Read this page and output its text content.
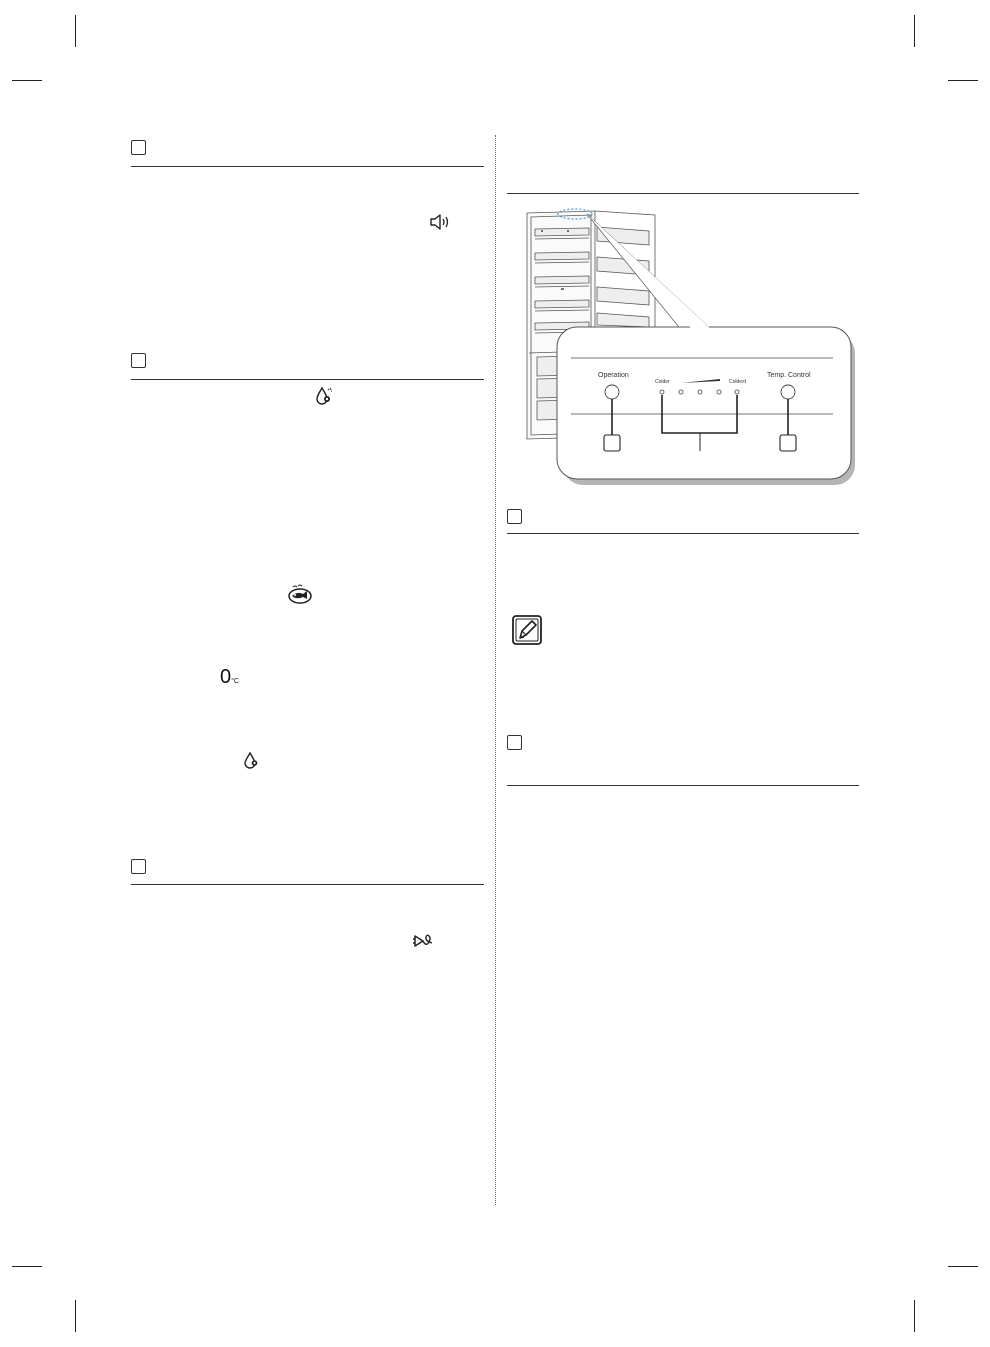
0°C
Operation	Temp. Control
Colder	Coldest
